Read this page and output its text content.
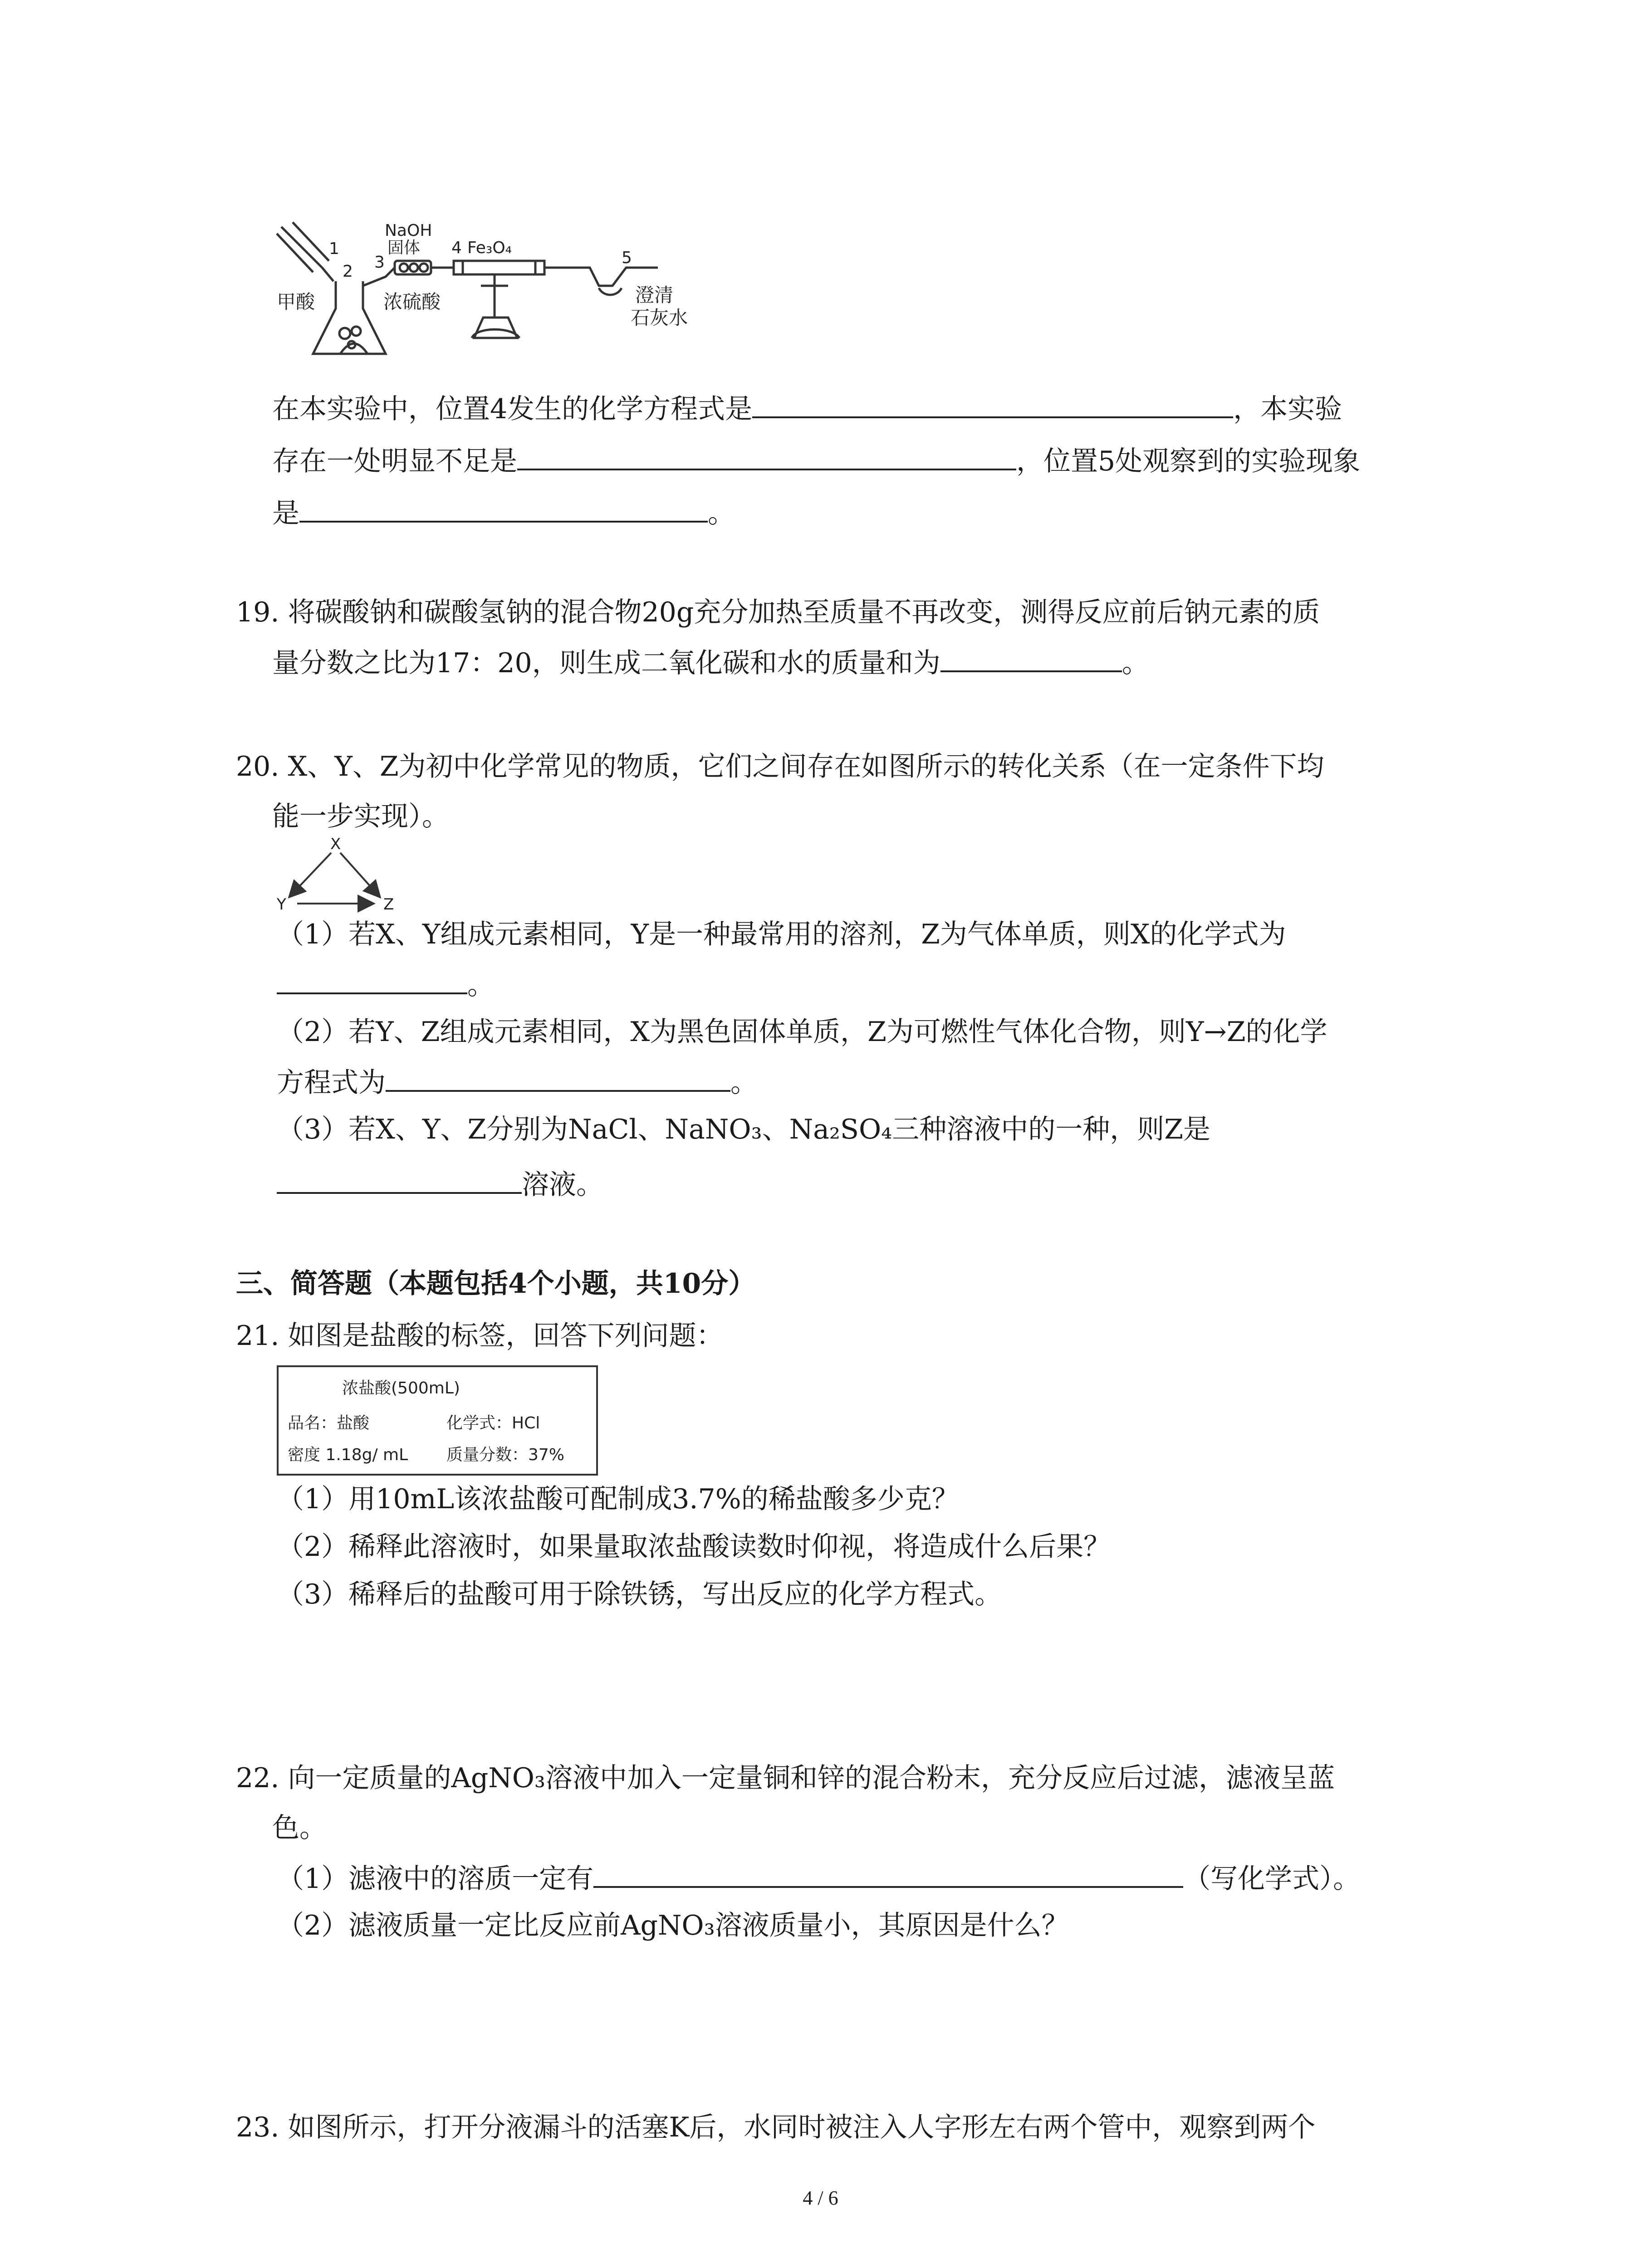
NaOH
固体
1
2 3
4 Fe₃O₄
5
甲酸	浓硫酸	澄清
石灰水
在本实验中，位置4发生的化学方程式是	，本实验
存在一处明显不足是	，位置5处观察到的实验现象
是	。
19. 将碳酸钠和碳酸氢钠的混合物20g充分加热至质量不再改变，测得反应前后钠元素的质
量分数之比为17：20，则生成二氧化碳和水的质量和为	。
20. X、Y、Z为初中化学常见的物质，它们之间存在如图所示的转化关系（在一定条件下均
能一步实现）。
X
Y	Z
（1）若X、Y组成元素相同，Y是一种最常用的溶剂，Z为气体单质，则X的化学式为
。
（2）若Y、Z组成元素相同，X为黑色固体单质，Z为可燃性气体化合物，则Y→Z的化学
方程式为	。
（3）若X、Y、Z分别为NaCl、NaNO₃、Na₂SO₄三种溶液中的一种，则Z是
溶液。
三、简答题（本题包括4个小题，共10分）
21. 如图是盐酸的标签，回答下列问题：
浓盐酸(500mL)
品名：盐酸	化学式：HCl
密度 1.18g/ mL 质量分数：37%
（1）用10mL该浓盐酸可配制成3.7%的稀盐酸多少克？
（2）稀释此溶液时，如果量取浓盐酸读数时仰视，将造成什么后果？
（3）稀释后的盐酸可用于除铁锈，写出反应的化学方程式。
22. 向一定质量的AgNO₃溶液中加入一定量铜和锌的混合粉末，充分反应后过滤，滤液呈蓝
色。
（1）滤液中的溶质一定有	（写化学式）。
（2）滤液质量一定比反应前AgNO₃溶液质量小，其原因是什么？
23. 如图所示，打开分液漏斗的活塞K后，水同时被注入人字形左右两个管中，观察到两个
4 / 6
